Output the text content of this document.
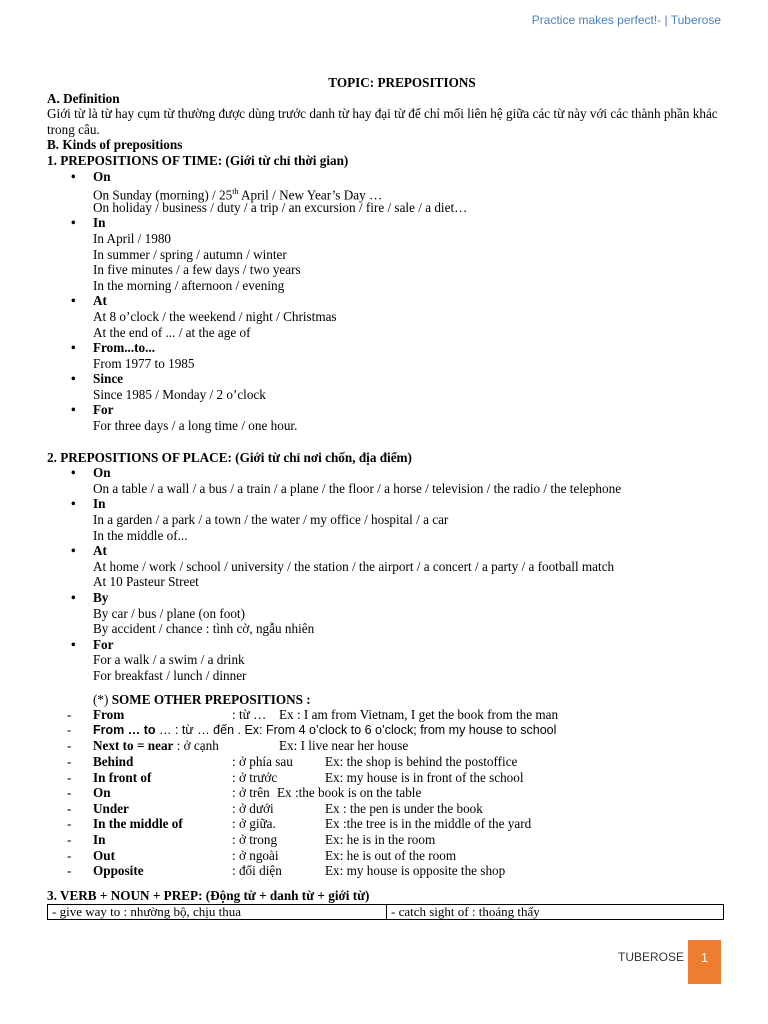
Practice makes perfect!- | Tuberose
TOPIC: PREPOSITIONS
A. Definition
Giới từ là từ hay cụm từ thường được dùng trước danh từ hay đại từ để chỉ mối liên hệ giữa các từ này với các thành phần khác trong câu.
B. Kinds of prepositions
1. PREPOSITIONS OF TIME: (Giới từ chỉ thời gian)
• On
On Sunday (morning) / 25th April / New Year’s Day …
On holiday / business / duty / a trip / an excursion / fire / sale / a diet…
• In
In April / 1980
In summer / spring / autumn / winter
In five minutes / a few days / two years
In the morning / afternoon / evening
• At
At 8 o’clock / the weekend / night / Christmas
At the end of ... / at the age of
• From...to...
From 1977 to 1985
• Since
Since 1985 / Monday / 2 o’clock
• For
For three days / a long time / one hour.
2. PREPOSITIONS OF PLACE: (Giới từ chỉ nơi chốn, địa điểm)
• On
On a table / a wall / a bus / a train / a plane / the floor / a horse / television / the radio / the telephone
• In
In a garden / a park / a town / the water / my office / hospital / a car
In the middle of...
• At
At home / work / school / university / the station / the airport / a concert / a party / a football match
At 10 Pasteur Street
• By
By car / bus / plane (on foot)
By accident / chance : tình cờ, ngẫu nhiên
• For
For a walk / a swim / a drink
For breakfast / lunch / dinner
(*) SOME OTHER PREPOSITIONS :
- From	: từ … Ex : I am from Vietnam, I get the book from the man
- From … to … : từ … đến . Ex: From 4 o’clock to 6 o’clock; from my house to school
- Next to = near : ở cạnh	Ex: I live near her house
- Behind	: ở phía sau Ex: the shop is behind the postoffice
- In front of	: ở trước	Ex: my house is in front of the school
- On	: ở trên Ex :the book is on the table
- Under	: ở dưới	Ex : the pen is under the book
- In the middle of	: ở giữa.	Ex :the tree is in the middle of the yard
- In	: ở trong	Ex: he is in the room
- Out	: ở ngoài	Ex: he is out of the room
- Opposite	: đối diện	Ex: my house is opposite the shop
3. VERB + NOUN + PREP: (Động từ + danh từ + giới từ)
- give way to : nhường bộ, chịu thua	- catch sight of : thoáng thấy
TUBEROSE 1
